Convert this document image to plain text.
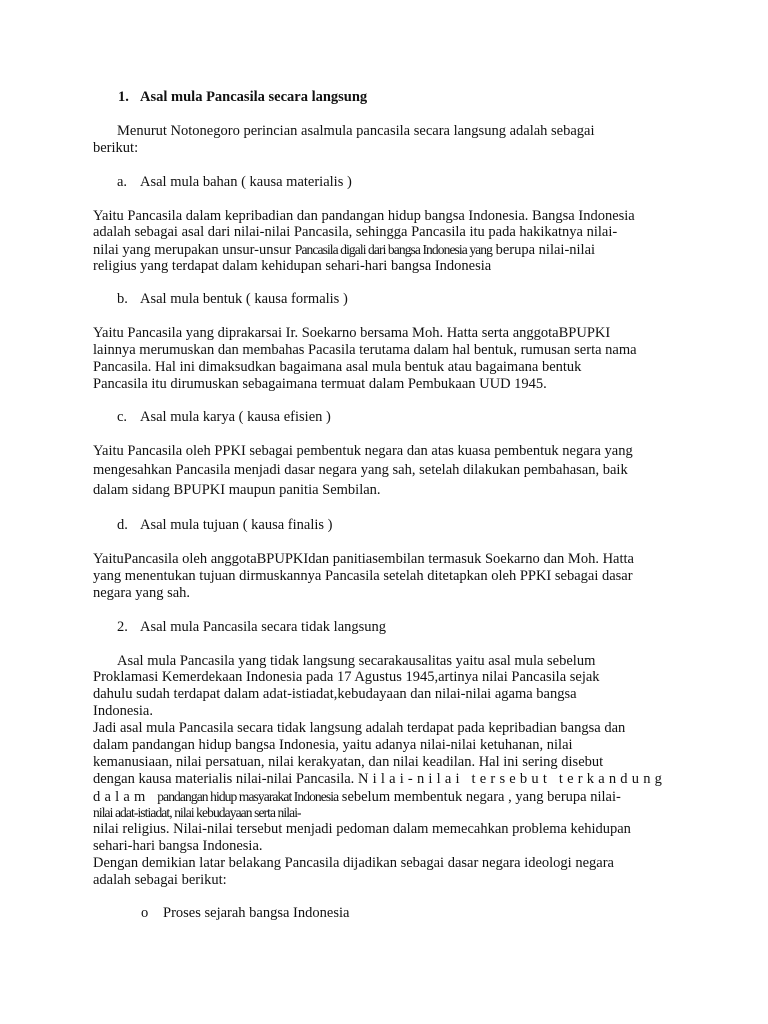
1. Asal mula Pancasila secara langsung
Menurut Notonegoro perincian asalmula pancasila secara langsung adalah sebagai
berikut:
a. Asal mula bahan ( kausa materialis )
Yaitu Pancasila dalam kepribadian dan pandangan hidup bangsa Indonesia. Bangsa Indonesia
adalah sebagai asal dari nilai-nilai Pancasila, sehingga Pancasila itu pada hakikatnya nilai-
nilai yang merupakan unsur-unsur Pancasila digali dari bangsa Indonesia yang berupa nilai-nilai
religius yang terdapat dalam kehidupan sehari-hari bangsa Indonesia
b. Asal mula bentuk ( kausa formalis )
Yaitu Pancasila yang diprakarsai Ir. Soekarno bersama Moh. Hatta serta anggotaBPUPKI
lainnya merumuskan dan membahas Pacasila terutama dalam hal bentuk, rumusan serta nama
Pancasila. Hal ini dimaksudkan bagaimana asal mula bentuk atau bagaimana bentuk
Pancasila itu dirumuskan sebagaimana termuat dalam Pembukaan UUD 1945.
c. Asal mula karya ( kausa efisien )
Yaitu Pancasila oleh PPKI sebagai pembentuk negara dan atas kuasa pembentuk negara yang
mengesahkan Pancasila menjadi dasar negara yang sah, setelah dilakukan pembahasan, baik
dalam sidang BPUPKI maupun panitia Sembilan.
d. Asal mula tujuan ( kausa finalis )
YaituPancasila oleh anggotaBPUPKIdan panitiasembilan termasuk Soekarno dan Moh. Hatta
yang menentukan tujuan dirmuskannya Pancasila setelah ditetapkan oleh PPKI sebagai dasar
negara yang sah.
2. Asal mula Pancasila secara tidak langsung
Asal mula Pancasila yang tidak langsung secarakausalitas yaitu asal mula sebelum
Proklamasi Kemerdekaan Indonesia pada 17 Agustus 1945,artinya nilai Pancasila sejak
dahulu sudah terdapat dalam adat-istiadat,kebudayaan dan nilai-nilai agama bangsa
Indonesia.
Jadi asal mula Pancasila secara tidak langsung adalah terdapat pada kepribadian bangsa dan
dalam pandangan hidup bangsa Indonesia, yaitu adanya nilai-nilai ketuhanan, nilai
kemanusiaan, nilai persatuan, nilai kerakyatan, dan nilai keadilan. Hal ini sering disebut
dengan kausa materialis nilai-nilai Pancasila. Nilai-nilai tersebut terkandung
dalam pandangan hidup masyarakat Indonesia sebelum membentuk negara , yang berupa nilai-
nilai adat-istiadat, nilai kebudayaan serta nilai-
nilai religius. Nilai-nilai tersebut menjadi pedoman dalam memecahkan problema kehidupan
sehari-hari bangsa Indonesia.
Dengan demikian latar belakang Pancasila dijadikan sebagai dasar negara ideologi negara
adalah sebagai berikut:
o Proses sejarah bangsa Indonesia
